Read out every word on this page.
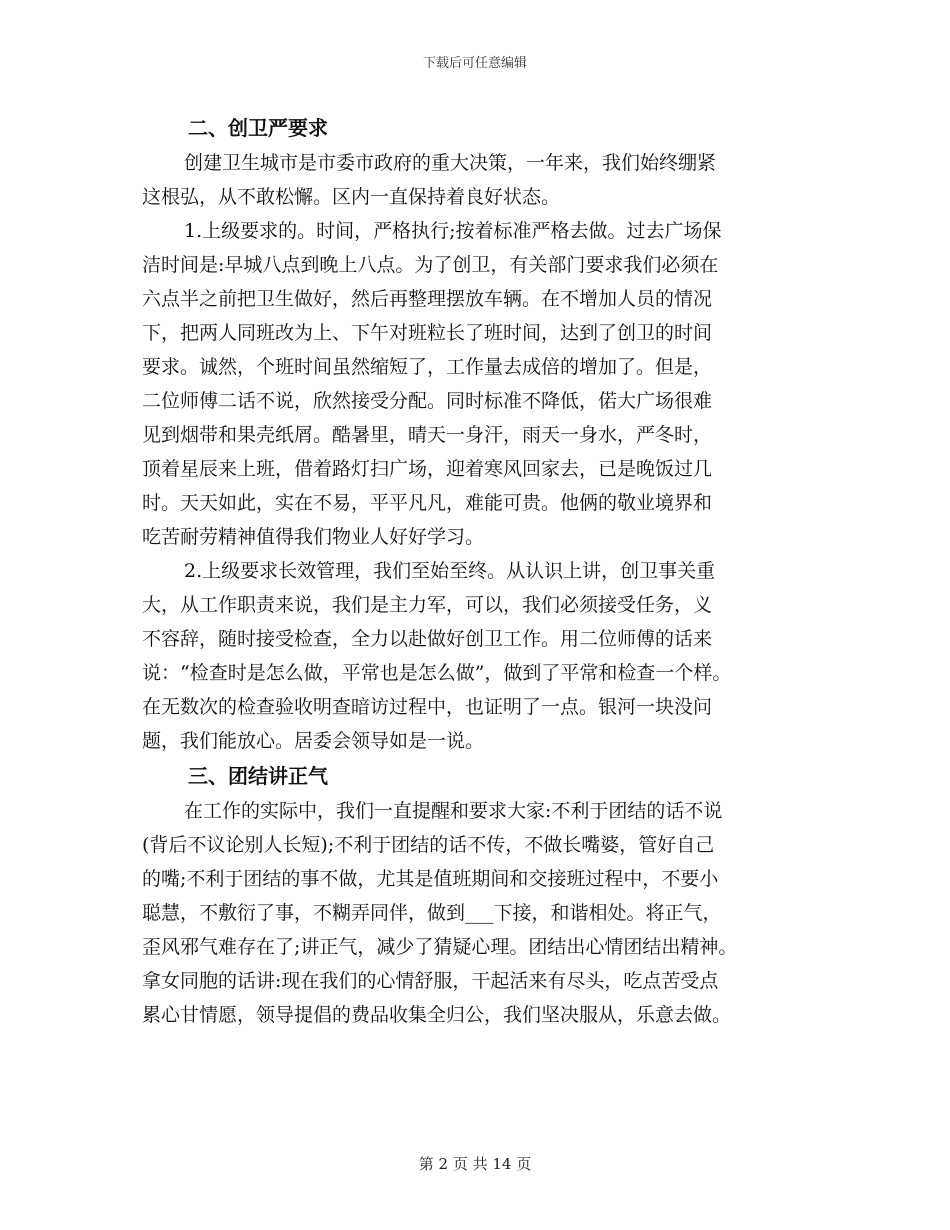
下载后可任意编辑
二、创卫严要求

创建卫生城市是市委市政府的重大决策，一年来，我们始终绷紧
这根弘，从不敢松懈。区内一直保持着良好状态。

1.上级要求的。时间，严格执行;按着标准严格去做。过去广场保
洁时间是:早城八点到晚上八点。为了创卫，有关部门要求我们必须在
六点半之前把卫生做好，然后再整理摆放车辆。在不增加人员的情况
下，把两人同班改为上、下午对班粒长了班时间，达到了创卫的时间
要求。诚然，个班时间虽然缩短了，工作量去成倍的增加了。但是，
二位师傅二话不说，欣然接受分配。同时标准不降低，偌大广场很难
见到烟带和果壳纸屑。酷暑里，晴天一身汗，雨天一身水，严冬时，
顶着星辰来上班，借着路灯扫广场，迎着寒风回家去，已是晚饭过几
时。天天如此，实在不易，平平凡凡，难能可贵。他俩的敬业境界和
吃苦耐劳精神值得我们物业人好好学习。

2.上级要求长效管理，我们至始至终。从认识上讲，创卫事关重
大，从工作职责来说，我们是主力军，可以，我们必须接受任务，义
不容辞，随时接受检查，全力以赴做好创卫工作。用二位师傅的话来
说：“检查时是怎么做，平常也是怎么做”，做到了平常和检查一个样。
在无数次的检查验收明查暗访过程中，也证明了一点。银河一块没问
题，我们能放心。居委会领导如是一说。

三、团结讲正气

在工作的实际中，我们一直提醒和要求大家:不利于团结的话不说
(背后不议论别人长短);不利于团结的话不传，不做长嘴婆，管好自己
的嘴;不利于团结的事不做，尤其是值班期间和交接班过程中，不要小
聪慧，不敷衍了事，不糊弄同伴，做到___下接，和谐相处。将正气，
歪风邪气难存在了;讲正气，减少了猜疑心理。团结出心情团结出精神。
拿女同胞的话讲:现在我们的心情舒服，干起活来有尽头，吃点苦受点
累心甘情愿，领导提倡的费品收集全归公，我们坚决服从，乐意去做。

第 2 页 共 14 页
